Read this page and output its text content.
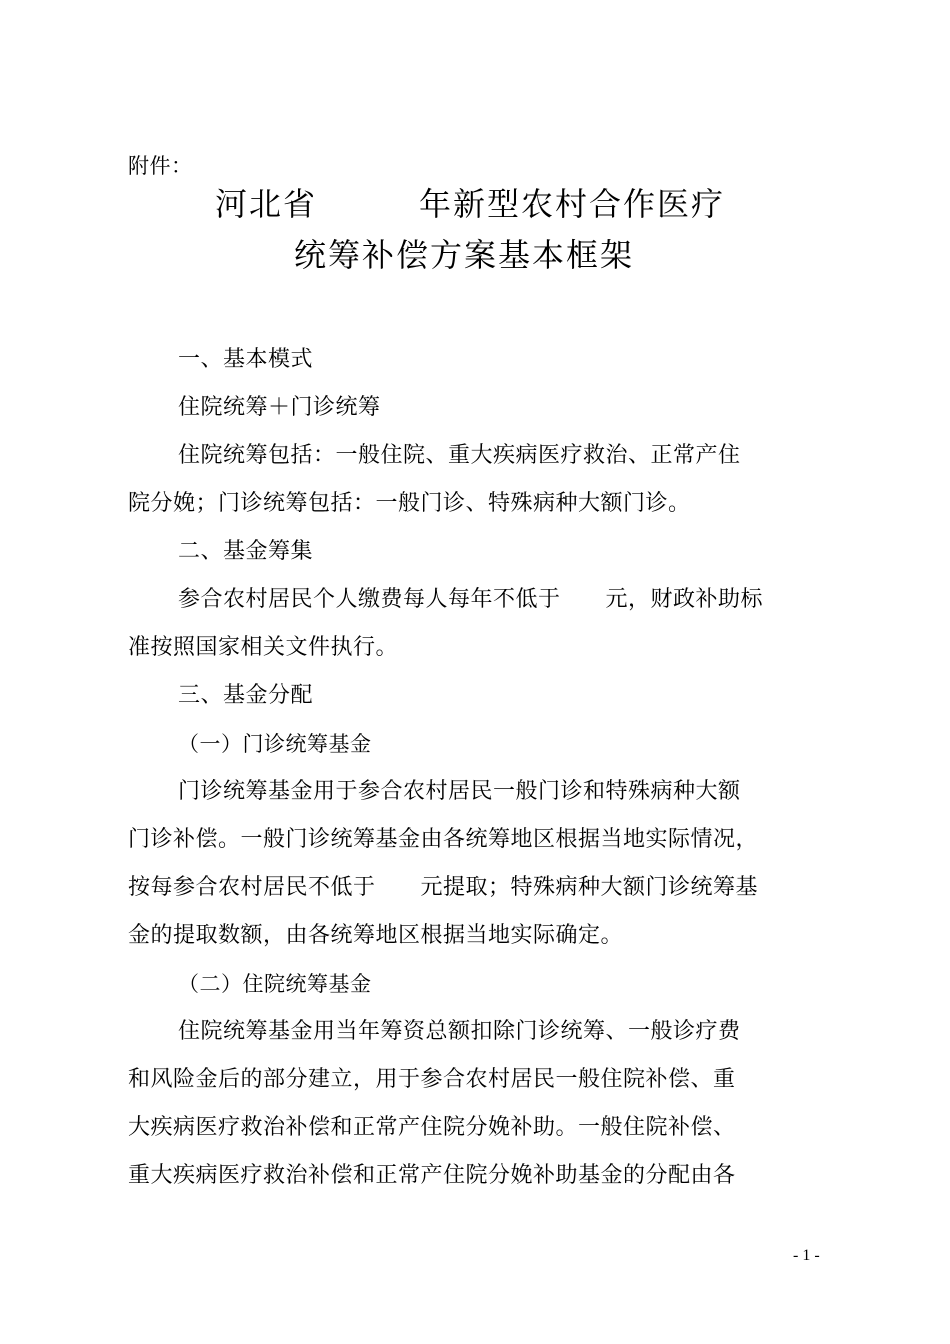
附件：
河北省　　　年新型农村合作医疗
统筹补偿方案基本框架
一、基本模式
住院统筹＋门诊统筹
住院统筹包括：一般住院、重大疾病医疗救治、正常产住
院分娩；门诊统筹包括：一般门诊、特殊病种大额门诊。
二、基金筹集
参合农村居民个人缴费每人每年不低于　　元，财政补助标
准按照国家相关文件执行。
三、基金分配
（一）门诊统筹基金
门诊统筹基金用于参合农村居民一般门诊和特殊病种大额
门诊补偿。一般门诊统筹基金由各统筹地区根据当地实际情况，
按每参合农村居民不低于　　元提取；特殊病种大额门诊统筹基
金的提取数额，由各统筹地区根据当地实际确定。
（二）住院统筹基金
住院统筹基金用当年筹资总额扣除门诊统筹、一般诊疗费
和风险金后的部分建立，用于参合农村居民一般住院补偿、重
大疾病医疗救治补偿和正常产住院分娩补助。一般住院补偿、
重大疾病医疗救治补偿和正常产住院分娩补助基金的分配由各
- 1 -
